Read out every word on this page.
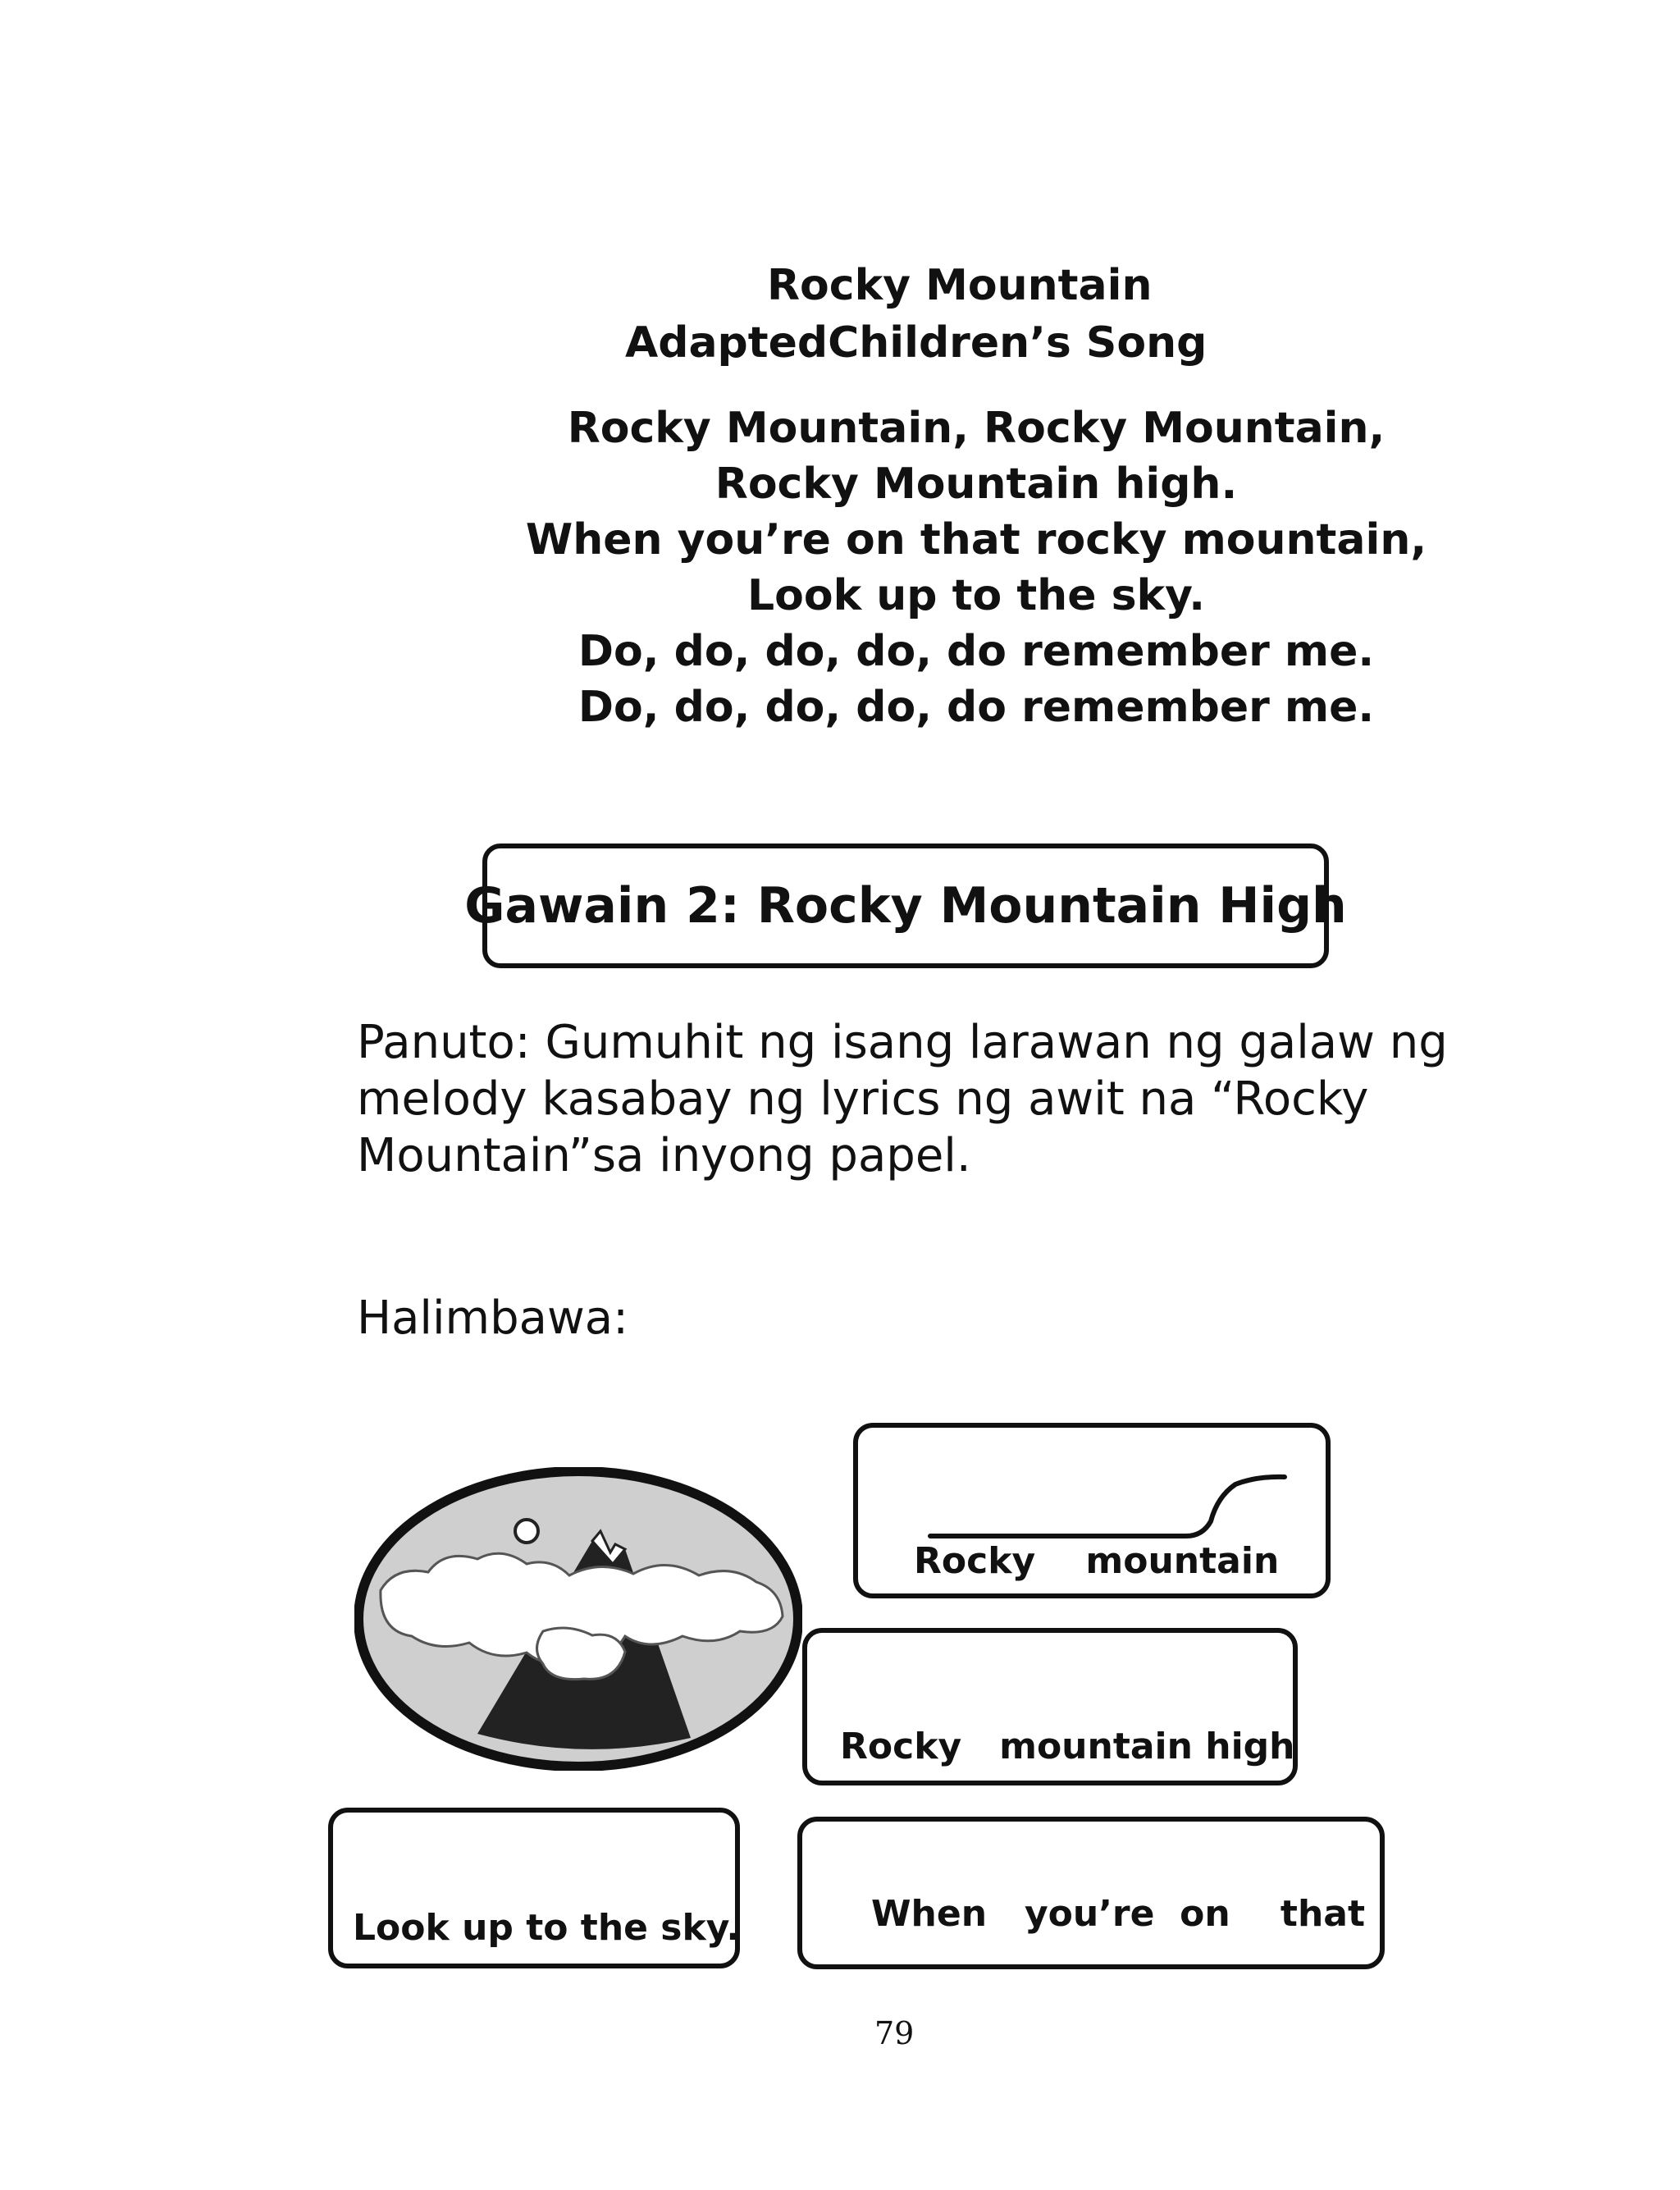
Rocky Mountain
AdaptedChildren’s Song
Rocky Mountain, Rocky Mountain,
Rocky Mountain high.
When you’re on that rocky mountain,
Look up to the sky.
Do, do, do, do, do remember me.
Do, do, do, do, do remember me.
Gawain 2: Rocky Mountain High

Panuto: Gumuhit ng isang larawan ng galaw ng melody kasabay ng lyrics ng awit na “Rocky Mountain”sa inyong papel.

Halimbawa:
Rocky    mountain
Rocky   mountain high
Look up to the sky.	When   you’re  on    that
79
